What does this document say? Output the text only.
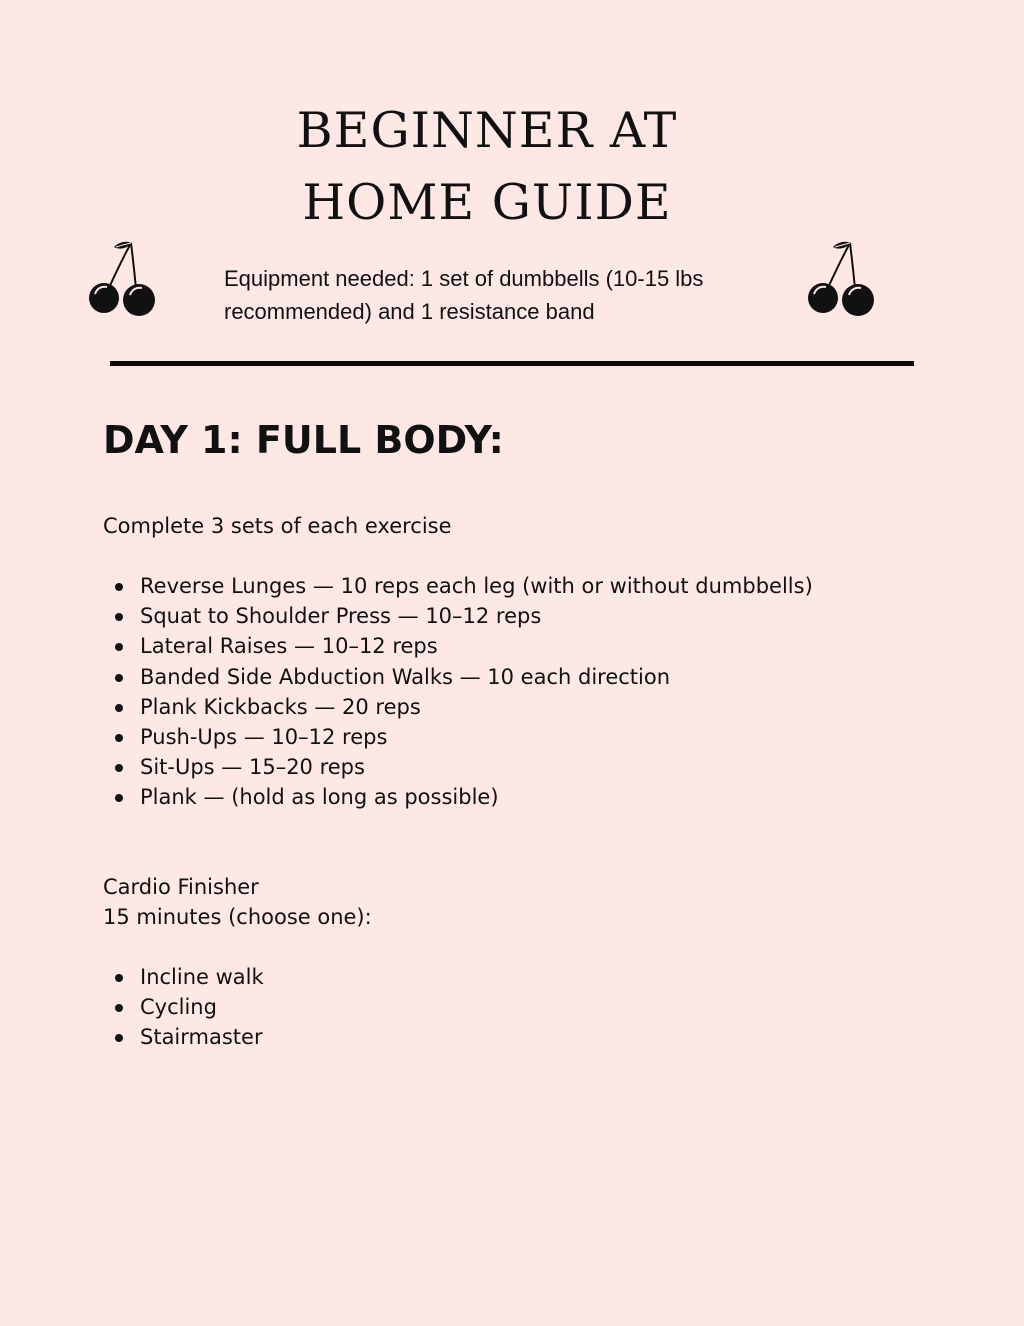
BEGINNER AT
HOME GUIDE

Equipment needed: 1 set of dumbbells (10-15 lbs recommended) and 1 resistance band

DAY 1: FULL BODY:

Complete 3 sets of each exercise

Reverse Lunges — 10 reps each leg (with or without dumbbells)
Squat to Shoulder Press — 10–12 reps
Lateral Raises — 10–12 reps
Banded Side Abduction Walks — 10 each direction
Plank Kickbacks — 20 reps
Push-Ups — 10–12 reps
Sit-Ups — 15–20 reps
Plank — (hold as long as possible)

Cardio Finisher
15 minutes (choose one):

Incline walk
Cycling
Stairmaster
